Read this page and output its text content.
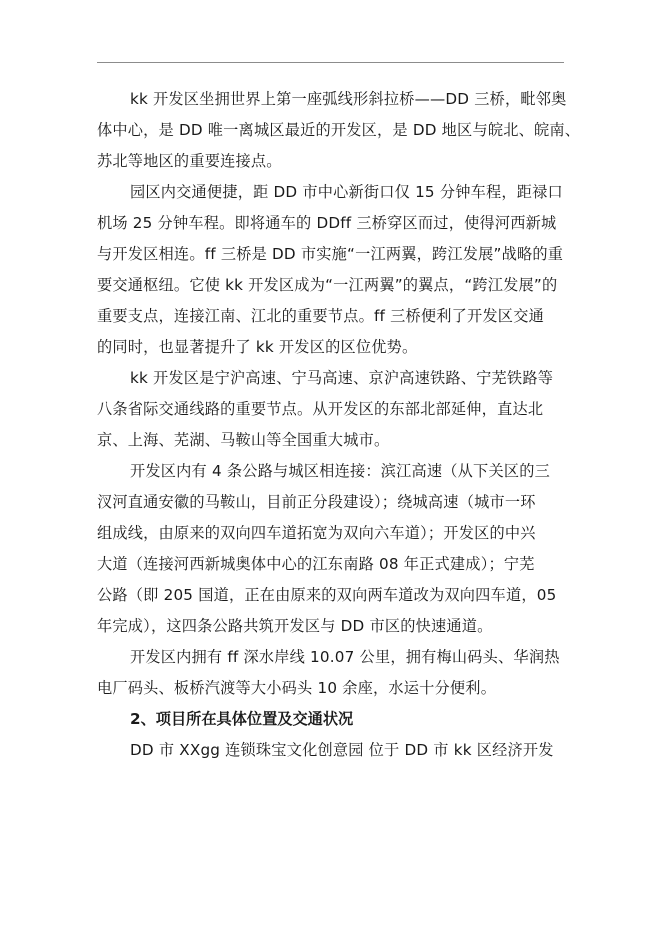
kk 开发区坐拥世界上第一座弧线形斜拉桥——DD 三桥，毗邻奥
体中心，是 DD 唯一离城区最近的开发区，是 DD 地区与皖北、皖南、
苏北等地区的重要连接点。

园区内交通便捷，距 DD 市中心新街口仅 15 分钟车程，距禄口
机场 25 分钟车程。即将通车的 DDff 三桥穿区而过，使得河西新城
与开发区相连。ff 三桥是 DD 市实施“一江两翼，跨江发展”战略的重
要交通枢纽。它使 kk 开发区成为“一江两翼”的翼点，“跨江发展”的
重要支点，连接江南、江北的重要节点。ff 三桥便利了开发区交通
的同时，也显著提升了 kk 开发区的区位优势。

kk 开发区是宁沪高速、宁马高速、京沪高速铁路、宁芜铁路等
八条省际交通线路的重要节点。从开发区的东部北部延伸，直达北
京、上海、芜湖、马鞍山等全国重大城市。

开发区内有 4 条公路与城区相连接：滨江高速（从下关区的三
汊河直通安徽的马鞍山，目前正分段建设）；绕城高速（城市一环
组成线，由原来的双向四车道拓宽为双向六车道）；开发区的中兴
大道（连接河西新城奥体中心的江东南路 08 年正式建成）；宁芜
公路（即 205 国道，正在由原来的双向两车道改为双向四车道，05
年完成），这四条公路共筑开发区与 DD 市区的快速通道。

开发区内拥有 ff 深水岸线 10.07 公里，拥有梅山码头、华润热
电厂码头、板桥汽渡等大小码头 10 余座，水运十分便利。

2、项目所在具体位置及交通状况

DD 市 XXgg 连锁珠宝文化创意园 位于 DD 市 kk 区经济开发
